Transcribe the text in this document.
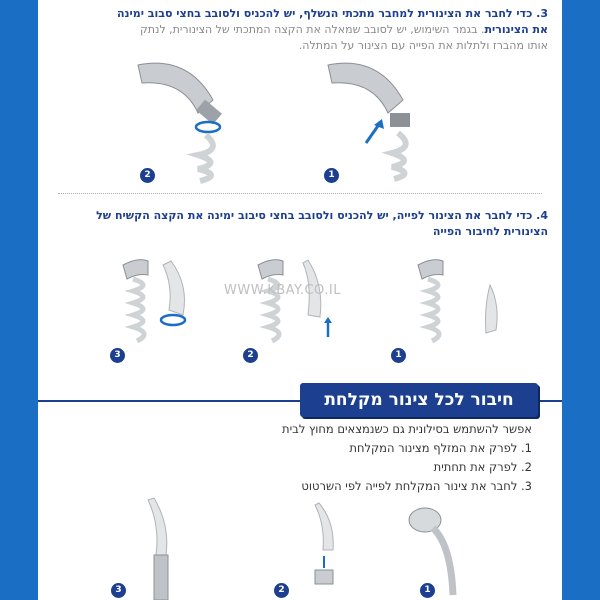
3. כדי לחבר את הצינורית למחבר מתכתי הנשלף, יש להכניס ולסובב בחצי סבוב ימינה
את הצינורית. בגמר השימוש, יש לסובב שמאלה את הקצה המתכתי של הצינורית, לנתק
אותו מהברז ולתלות את הפייה עם הצינור על המתלה.
2	1
4. כדי לחבר את הצינור לפייה, יש להכניס ולסובב בחצי סיבוב ימינה את הקצה הקשיח של
הצינורית לחיבור הפייה
3	2	1
WWW.KBAY.CO.IL
חיבור לכל צינור מקלחת
אפשר להשתמש בסילונית גם כשנמצאים מחוץ לבית
1. לפרק את המזלף מצינור המקלחת
2. לפרק את תחתית
3. לחבר את צינור המקלחת לפייה לפי השרטוט
3	2	1
